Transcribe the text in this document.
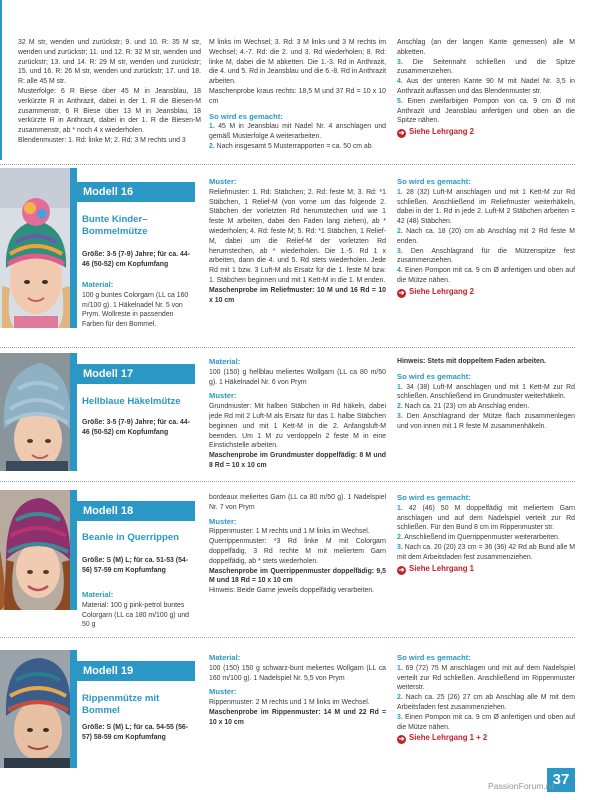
32 M str, wenden und zurückstr; 9. und 10. R: 35 M str, wenden und zurückstr; 11. und 12. R: 32 M str, wenden und zurückstr; 13. und 14. R: 29 M str, wenden und zurückstr; 15. und 16. R: 26 M str, wenden und zurückstr; 17. und 18. R: alle 45 M str.

Musterfolge: 6 R Biese über 45 M in Jeansblau, 18 verkürzte R in Anthrazit, dabei in der 1. R die Biesen-M zusammenstr, 6 R Biese über 13 M in Jeansblau, 18 verkürzte R in Anthrazit, dabei in der 1. R die Biesen-M zusammenstr, ab * noch 4 x wiederholen.

Blendenmuster: 1. Rd: linke M; 2. Rd: 3 M rechts und 3

M links im Wechsel; 3. Rd: 3 M links und 3 M rechts im Wechsel; 4.-7. Rd: die 2. und 3. Rd wiederholen; 8. Rd: linke M, dabei die M abketten. Die 1.-3. Rd in Anthrazit, die 4. und 5. Rd in Jeansblau und die 6.-8. Rd in Anthrazit arbeiten.

Maschenprobe kraus rechts: 18,5 M und 37 Rd = 10 x 10 cm

So wird es gemacht:

1. 45 M in Jeansblau mit Nadel Nr. 4 anschlagen und gemäß Musterfolge A weiterarbeiten.

2. Nach insgesamt 5 Musterrapporten = ca. 50 cm ab

Anschlag (an der langen Kante gemessen) alle M abketten.

3. Die Seitennaht schließen und die Spitze zusammenziehen.

4. Aus der unteren Kante 90 M mit Nadel Nr. 3,5 in Anthrazit auffassen und das Blendenmuster str.

5. Einen zweifarbigen Pompon von ca. 9 cm Ø mit Anthrazit und Jeansblau anfertigen und oben an die Spitze nähen.

➔ Siehe Lehrgang 2

Modell 16
Bunte Kinder–Bommelmütze
Größe: 3-5 (7-9) Jahre; für ca. 44-46 (50-52) cm Kopfumfang

Material:

100 g buntes Colorgarn (LL ca 160 m/100 g). 1 Häkelnadel Nr. 5 von Prym. Wollreste in passenden Farben für den Bommel.

Muster:

Reliefmuster: 1. Rd: Stäbchen; 2. Rd: feste M; 3. Rd: *1 Stäbchen, 1 Relief-M (von vorne um das folgende 2. Stäbchen der vorletzten Rd herumstechen und wie 1 feste M arbeiten, dabei den Faden lang ziehen), ab * wiederholen; 4. Rd: feste M; 5. Rd: *1 Stäbchen, 1 Relief-M, dabei um die Relief-M der vorletzten Rd herumstechen, ab * wiederholen. Die 1.-5. Rd 1 x arbeiten, dann die 4. und 5. Rd stets wiederholen. Jede Rd mit 1 bzw. 3 Luft-M als Ersatz für die 1. feste M bzw. 1. Stäbchen beginnen und mit 1 Kett-M in die 1. M enden.

Maschenprobe im Reliefmuster: 10 M und 16 Rd = 10 x 10 cm

So wird es gemacht:

1. 28 (32) Luft-M anschlagen und mit 1 Kett-M zur Rd schließen. Anschließend im Reliefmuster weiterhäkeln, dabei in der 1. Rd in jede 2. Luft-M 2 Stäbchen arbeiten = 42 (48) Stäbchen.

2. Nach ca. 18 (20) cm ab Anschlag mit 2 Rd feste M enden.

3. Den Anschlagrand für die Mützenspitze fest zusammenziehen.

4. Einen Pompon mit ca. 9 cm Ø anfertigen und oben auf die Mütze nähen.

➔ Siehe Lehrgang 2

Modell 17
Hellblaue Häkelmütze
Größe: 3-5 (7-9) Jahre; für ca. 44-46 (50-52) cm Kopfumfang

Material:

100 (150) g hellblau meliertes Wollgarn (LL ca 80 m/50 g). 1 Häkelnadel Nr. 6 von Prym

Muster:

Grundmuster: Mit halben Stäbchen in Rd häkeln, dabei jede Rd mit 2 Luft-M als Ersatz für das 1. halbe Stäbchen beginnen und mit 1 Kett-M in die 2. Anfangsluft-M beenden. Um 1 M zu verdoppeln 2 feste M in eine Einstichstelle arbeiten.

Maschenprobe im Grundmuster doppelfädig: 8 M und 8 Rd = 10 x 10 cm

Hinweis: Stets mit doppeltem Faden arbeiten.

So wird es gemacht:

1. 34 (38) Luft-M anschlagen und mit 1 Kett-M zur Rd schließen. Anschließend im Grundmuster weiterhäkeln.

2. Nach ca. 21 (23) cm ab Anschlag enden.

3. Den Anschlagrand der Mütze flach zusammenlegen und von innen mit 1 R feste M zusammenhäkeln.

Modell 18
Beanie in Querrippen
Größe: S (M) L; für ca. 51-53 (54-56) 57-59 cm Kopfumfang

Material:

Material: 100 g pink-petrol buntes Colorgarn (LL ca 180 m/100 g) und 50 g

bordeaux meliertes Garn (LL ca 80 m/50 g). 1 Nadelspiel Nr. 7 von Prym

Muster:

Rippenmuster: 1 M rechts und 1 M links im Wechsel.

Querrippenmuster: *3 Rd linke M mit Colorgarn doppelfädig, 3 Rd rechte M mit meliertem Garn doppelfädig, ab * stets wiederholen.

Maschenprobe im Querrippenmuster doppelfädig: 9,5 M und 18 Rd = 10 x 10 cm

Hinweis: Beide Garne jeweils doppelfädig verarbeiten.

So wird es gemacht:

1. 42 (46) 50 M doppelfädig mit meliertem Garn anschlagen und auf dem Nadelspiel verteilt zur Rd schließen. Für den Bund 8 cm im Rippenmuster str.

2. Anschließend im Querrippenmuster weiterarbeiten.

3. Nach ca. 20 (20) 23 cm = 36 (36) 42 Rd ab Bund alle M mit dem Arbeitsfaden fest zusammenziehen.

➔ Siehe Lehrgang 1

Modell 19
Rippenmütze mit Bommel
Größe: S (M) L; für ca. 54-55 (56-57) 58-59 cm Kopfumfang

Material:

100 (150) 150 g schwarz-bunt meliertes Wollgarn (LL ca 160 m/100 g). 1 Nadelspiel Nr. 5,5 von Prym

Muster:

Rippenmuster: 2 M rechts und 1 M links im Wechsel.

Maschenprobe im Rippenmuster: 14 M und 22 Rd = 10 x 10 cm

So wird es gemacht:

1. 69 (72) 75 M anschlagen und mit auf dem Nadelspiel verteilt zur Rd schließen. Anschließend im Rippenmuster weiterstr.

2. Nach ca. 25 (26) 27 cm ab Anschlag alle M mit dem Arbeitsfaden fest zusammenziehen.

3. Einen Pompon mit ca. 9 cm Ø anfertigen und oben auf die Mütze nähen.

➔ Siehe Lehrgang 1 + 2

37
PassionForum.ru
